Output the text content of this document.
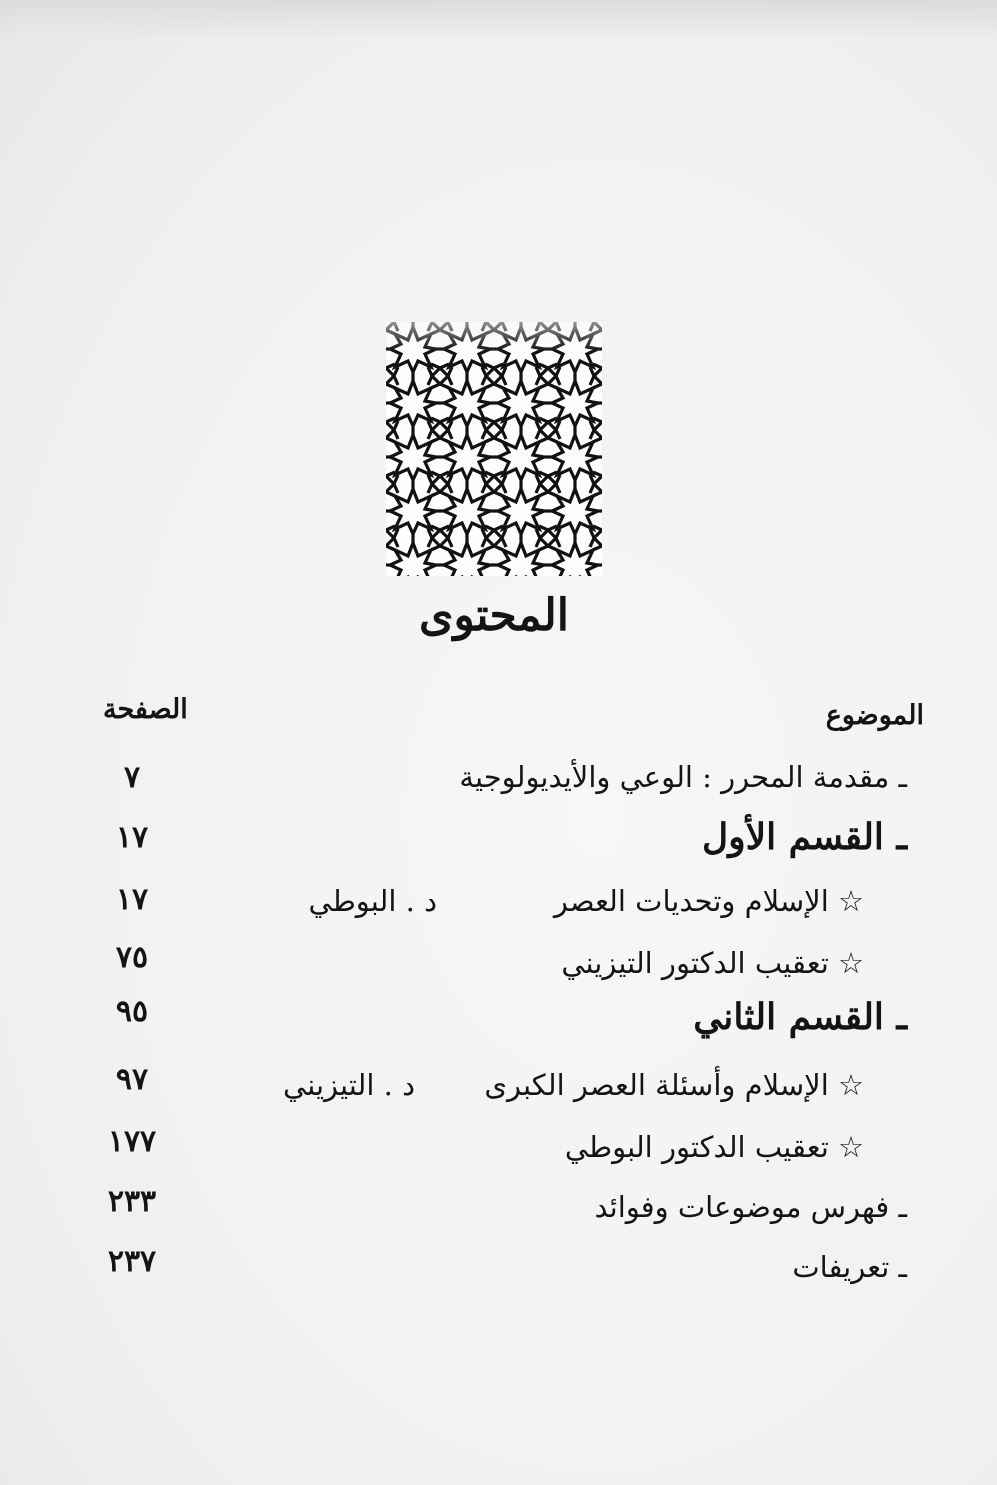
المحتوى
الموضوع
الصفحة
ـ مقدمة المحرر : الوعي والأيديولوجية
٧
ـ القسم الأول
١٧
☆ الإسلام وتحديات العصر
د . البوطي
١٧
☆ تعقيب الدكتور التيزيني
٧٥
ـ القسم الثاني
٩٥
☆ الإسلام وأسئلة العصر الكبرى
د . التيزيني
٩٧
☆ تعقيب الدكتور البوطي
١٧٧
ـ فهرس موضوعات وفوائد
٢٣٣
ـ تعريفات
٢٣٧
